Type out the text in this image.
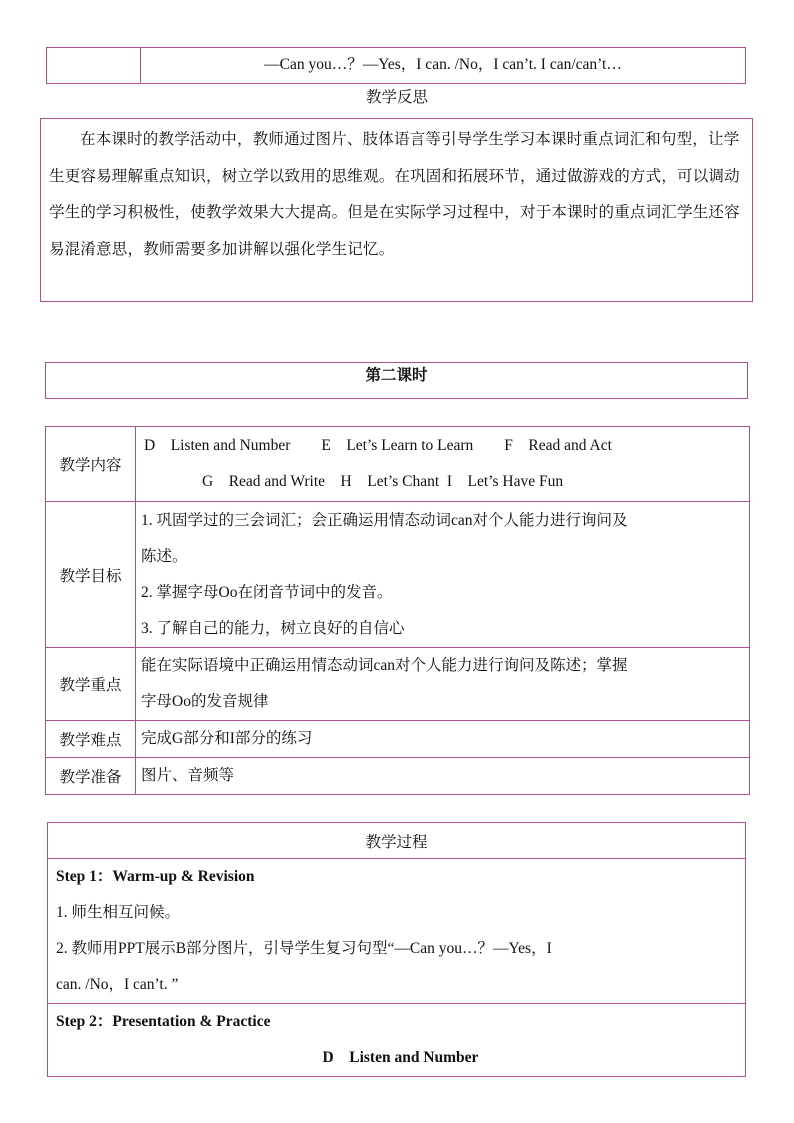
	—Can you…？—Yes，I can. /No，I can’t. I can/can’t…
教学反思
在本课时的教学活动中，教师通过图片、肢体语言等引导学生学习本课时重点词汇和句型，让学生更容易理解重点知识，树立学以致用的思维观。在巩固和拓展环节，通过做游戏的方式，可以调动学生的学习积极性，使教学效果大大提高。但是在实际学习过程中，对于本课时的重点词汇学生还容易混淆意思，教师需要多加讲解以强化学生记忆。
第二课时
教学内容	D    Listen and Number        E    Let’s Learn to Learn        F    Read and Act
G    Read and Write    H    Let’s Chant  I    Let’s Have Fun

教学目标	1. 巩固学过的三会词汇；会正确运用情态动词can对个人能力进行询问及
陈述。
2. 掌握字母Oo在闭音节词中的发音。
3. 了解自己的能力，树立良好的自信心

教学重点	能在实际语境中正确运用情态动词can对个人能力进行询问及陈述；掌握
字母Oo的发音规律

教学难点	完成G部分和I部分的练习

教学准备	图片、音频等
教学过程

Step 1：Warm-up & Revision
1. 师生相互问候。
2. 教师用PPT展示B部分图片，引导学生复习句型“—Can you…？—Yes，I
can. /No，I can’t. ”

Step 2：Presentation & Practice
D    Listen and Number
